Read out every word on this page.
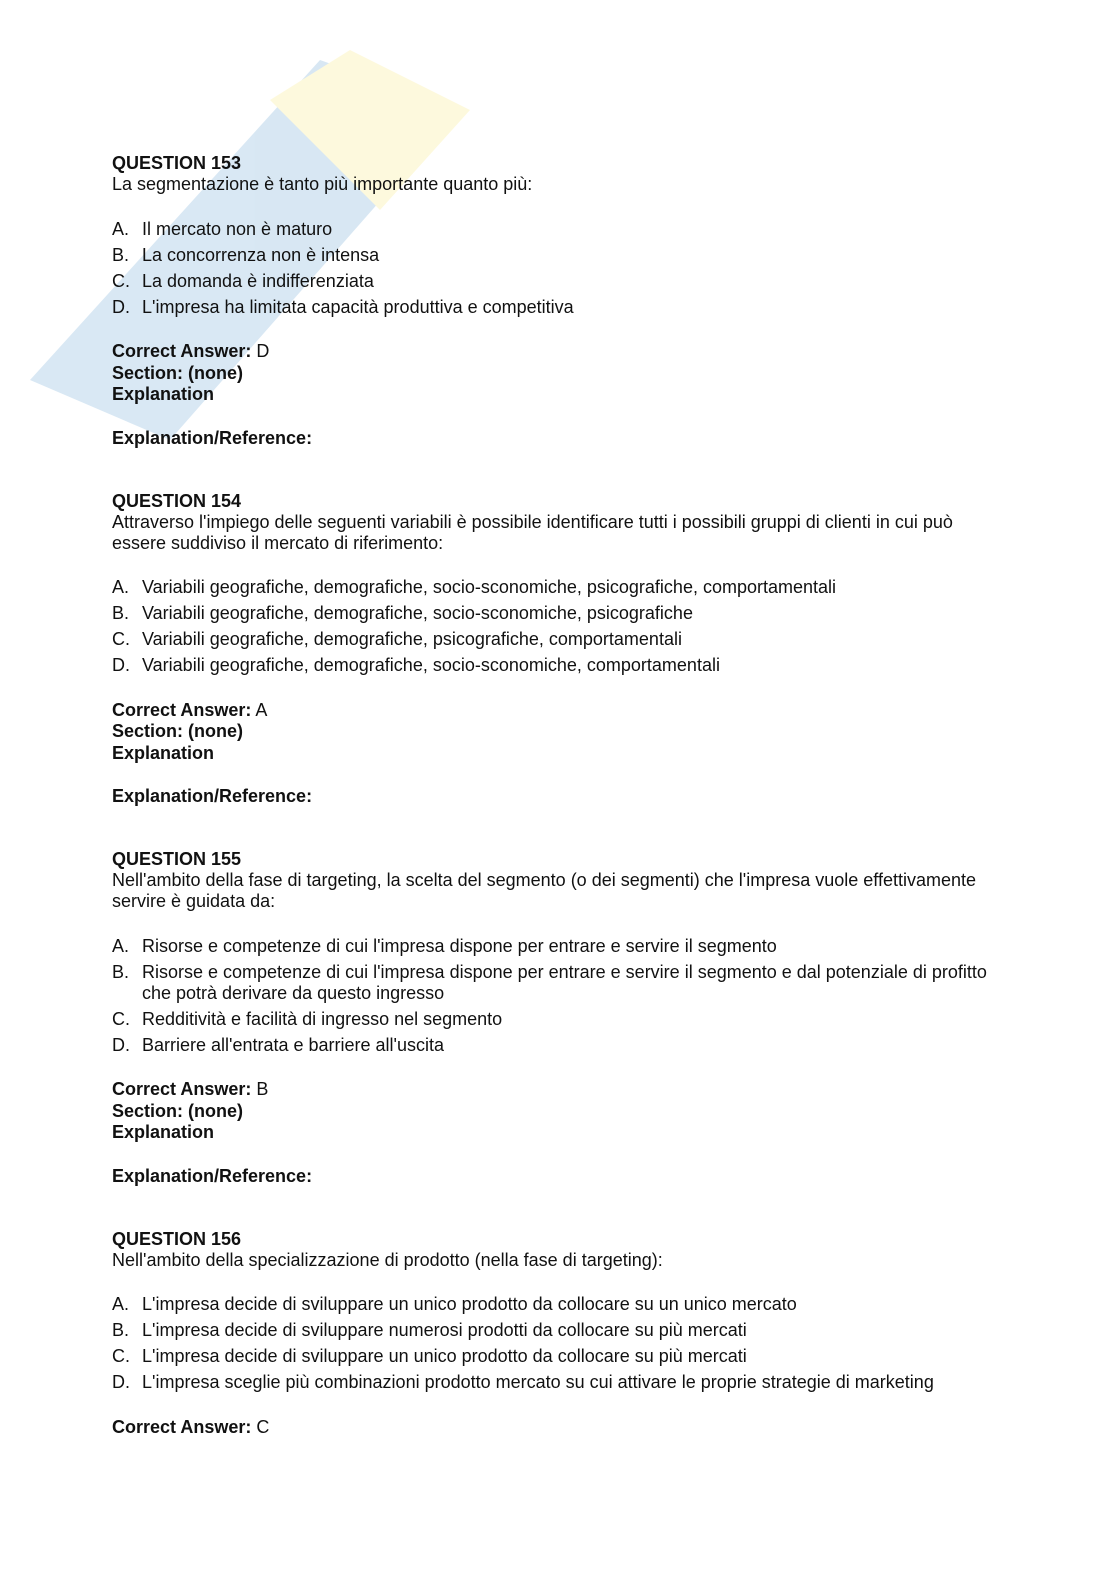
QUESTION 153
La segmentazione è tanto più importante quanto più:
A. Il mercato non è maturo
B. La concorrenza non è intensa
C. La domanda è indifferenziata
D. L'impresa ha limitata capacità produttiva e competitiva
Correct Answer: D
Section: (none)
Explanation
Explanation/Reference:
QUESTION 154
Attraverso l'impiego delle seguenti variabili è possibile identificare tutti i possibili gruppi di clienti in cui può essere suddiviso il mercato di riferimento:
A. Variabili geografiche, demografiche, socio-sconomiche, psicografiche, comportamentali
B. Variabili geografiche, demografiche, socio-sconomiche, psicografiche
C. Variabili geografiche, demografiche, psicografiche, comportamentali
D. Variabili geografiche, demografiche, socio-sconomiche, comportamentali
Correct Answer: A
Section: (none)
Explanation
Explanation/Reference:
QUESTION 155
Nell'ambito della fase di targeting, la scelta del segmento (o dei segmenti) che l'impresa vuole effettivamente servire è guidata da:
A. Risorse e competenze di cui l'impresa dispone per entrare e servire il segmento
B. Risorse e competenze di cui l'impresa dispone per entrare e servire il segmento e dal potenziale di profitto che potrà derivare da questo ingresso
C. Redditività e facilità di ingresso nel segmento
D. Barriere all'entrata e barriere all'uscita
Correct Answer: B
Section: (none)
Explanation
Explanation/Reference:
QUESTION 156
Nell'ambito della specializzazione di prodotto (nella fase di targeting):
A. L'impresa decide di sviluppare un unico prodotto da collocare su un unico mercato
B. L'impresa decide di sviluppare numerosi prodotti da collocare su più mercati
C. L'impresa decide di sviluppare un unico prodotto da collocare su più mercati
D. L'impresa sceglie più combinazioni prodotto mercato su cui attivare le proprie strategie di marketing
Correct Answer: C
